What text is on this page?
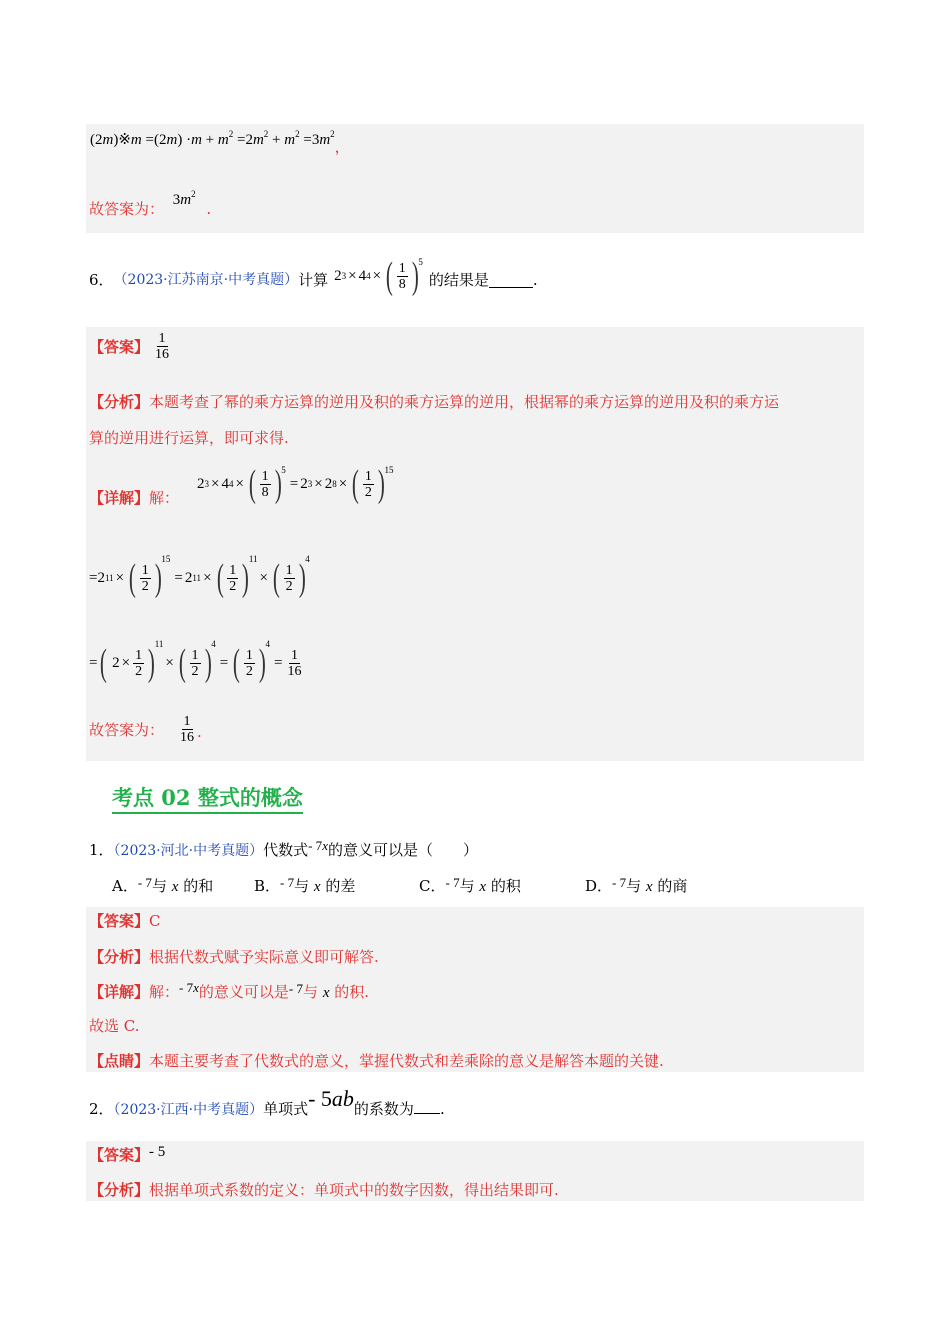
(2m)※m $=(2m) \cdot m + m^2 =2m^2 + m^2 =3m^2$，
故答案为： $3m^2$ .
6． （2023·江苏南京·中考真题） 计算 2 3 × 4 4 × ( $\frac{1}{8}$ ) 5
的结果是	.
【答案】 $\frac{1}{16}$
【分析】本题考查了幂的乘方运算的逆用及积的乘方运算的逆用，根据幂的乘方运算的逆用及积的乘方运
算的逆用进行运算，即可求得.
【详解】解：
2 3 × 4 4 × ( $\frac{1}{8}$ ) 5
= 2 3 × 2 8 × ( $\frac{1}{2}$ ) 15
= 2 11 × ( $\frac{1}{2}$ ) 15
= 2 11 × ( $\frac{1}{2}$ ) 11
× ( $\frac{1}{2}$ ) 4
= ( $2 \times \frac{1}{2}$ ) 11
× ( $\frac{1}{2}$ ) 4
= ( $\frac{1}{2}$ ) 4
= $\frac{1}{16}$
故答案为： $\frac{1}{16}$ .
考点 02 整式的概念
1．（2023·河北·中考真题）代数式- 7x的意义可以是（　　）
A．- 7与 x 的和	B．- 7与 x 的差	C．- 7与 x 的积	D．- 7与 x 的商
【答案】C
【分析】根据代数式赋予实际意义即可解答.
【详解】解：- 7x的意义可以是- 7与 x 的积.
故选 C.
【点睛】本题主要考查了代数式的意义，掌握代数式和差乘除的意义是解答本题的关键.
2．（2023·江西·中考真题）单项式- 5ab的系数为 .
【答案】- 5
【分析】根据单项式系数的定义：单项式中的数字因数，得出结果即可.
